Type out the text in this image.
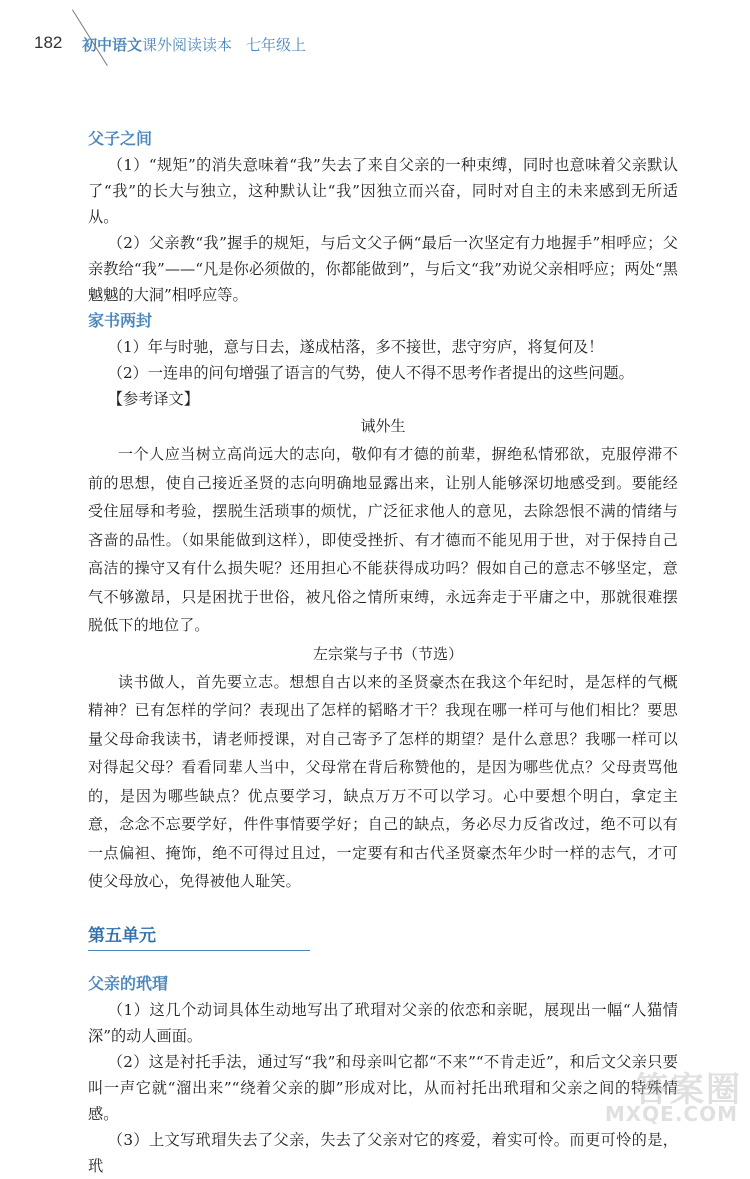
182 初中语文课外阅读读本 七年级上
父子之间

（1）“规矩”的消失意味着“我”失去了来自父亲的一种束缚，同时也意味着父亲默认了“我”的长大与独立，这种默认让“我”因独立而兴奋，同时对自主的未来感到无所适从。

（2）父亲教“我”握手的规矩，与后文父子俩“最后一次坚定有力地握手”相呼应；父亲教给“我”——“凡是你必须做的，你都能做到”，与后文“我”劝说父亲相呼应；两处“黑魆魆的大洞”相呼应等。

家书两封

（1）年与时驰，意与日去，遂成枯落，多不接世，悲守穷庐，将复何及！

（2）一连串的问句增强了语言的气势，使人不得不思考作者提出的这些问题。

【参考译文】

诫外生

一个人应当树立高尚远大的志向，敬仰有才德的前辈，摒绝私情邪欲，克服停滞不前的思想，使自己接近圣贤的志向明确地显露出来，让别人能够深切地感受到。要能经受住屈辱和考验，摆脱生活琐事的烦忧，广泛征求他人的意见，去除怨恨不满的情绪与吝啬的品性。（如果能做到这样），即使受挫折、有才德而不能见用于世，对于保持自己高洁的操守又有什么损失呢？还用担心不能获得成功吗？假如自己的意志不够坚定，意气不够激昂，只是困扰于世俗，被凡俗之情所束缚，永远奔走于平庸之中，那就很难摆脱低下的地位了。

左宗棠与子书（节选）

读书做人，首先要立志。想想自古以来的圣贤豪杰在我这个年纪时，是怎样的气概精神？已有怎样的学问？表现出了怎样的韬略才干？我现在哪一样可与他们相比？要思量父母命我读书，请老师授课，对自己寄予了怎样的期望？是什么意思？我哪一样可以对得起父母？看看同辈人当中，父母常在背后称赞他的，是因为哪些优点？父母责骂他的，是因为哪些缺点？优点要学习，缺点万万不可以学习。心中要想个明白，拿定主意，念念不忘要学好，件件事情要学好；自己的缺点，务必尽力反省改过，绝不可以有一点偏袒、掩饰，绝不可得过且过，一定要有和古代圣贤豪杰年少时一样的志气，才可使父母放心，免得被他人耻笑。

第五单元
父亲的玳瑁

（1）这几个动词具体生动地写出了玳瑁对父亲的依恋和亲昵，展现出一幅“人猫情深”的动人画面。

（2）这是衬托手法，通过写“我”和母亲叫它都“不来”“不肯走近”，和后文父亲只要叫一声它就“溜出来”“绕着父亲的脚”形成对比，从而衬托出玳瑁和父亲之间的特殊情感。

（3）上文写玳瑁失去了父亲，失去了父亲对它的疼爱，着实可怜。而更可怜的是，玳

答案圈
MXQE.COM
